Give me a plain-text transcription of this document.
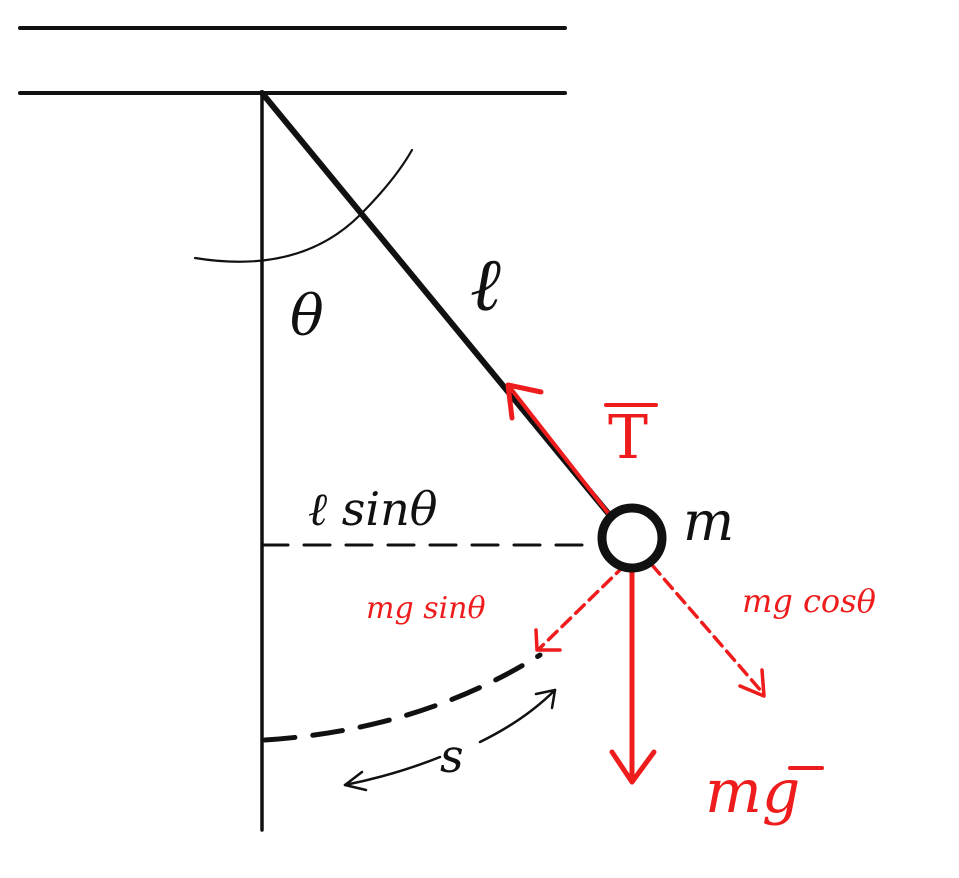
θ ℓ
ℓ sinθ	m
T
mg sinθ	mg cosθ
mg
s
